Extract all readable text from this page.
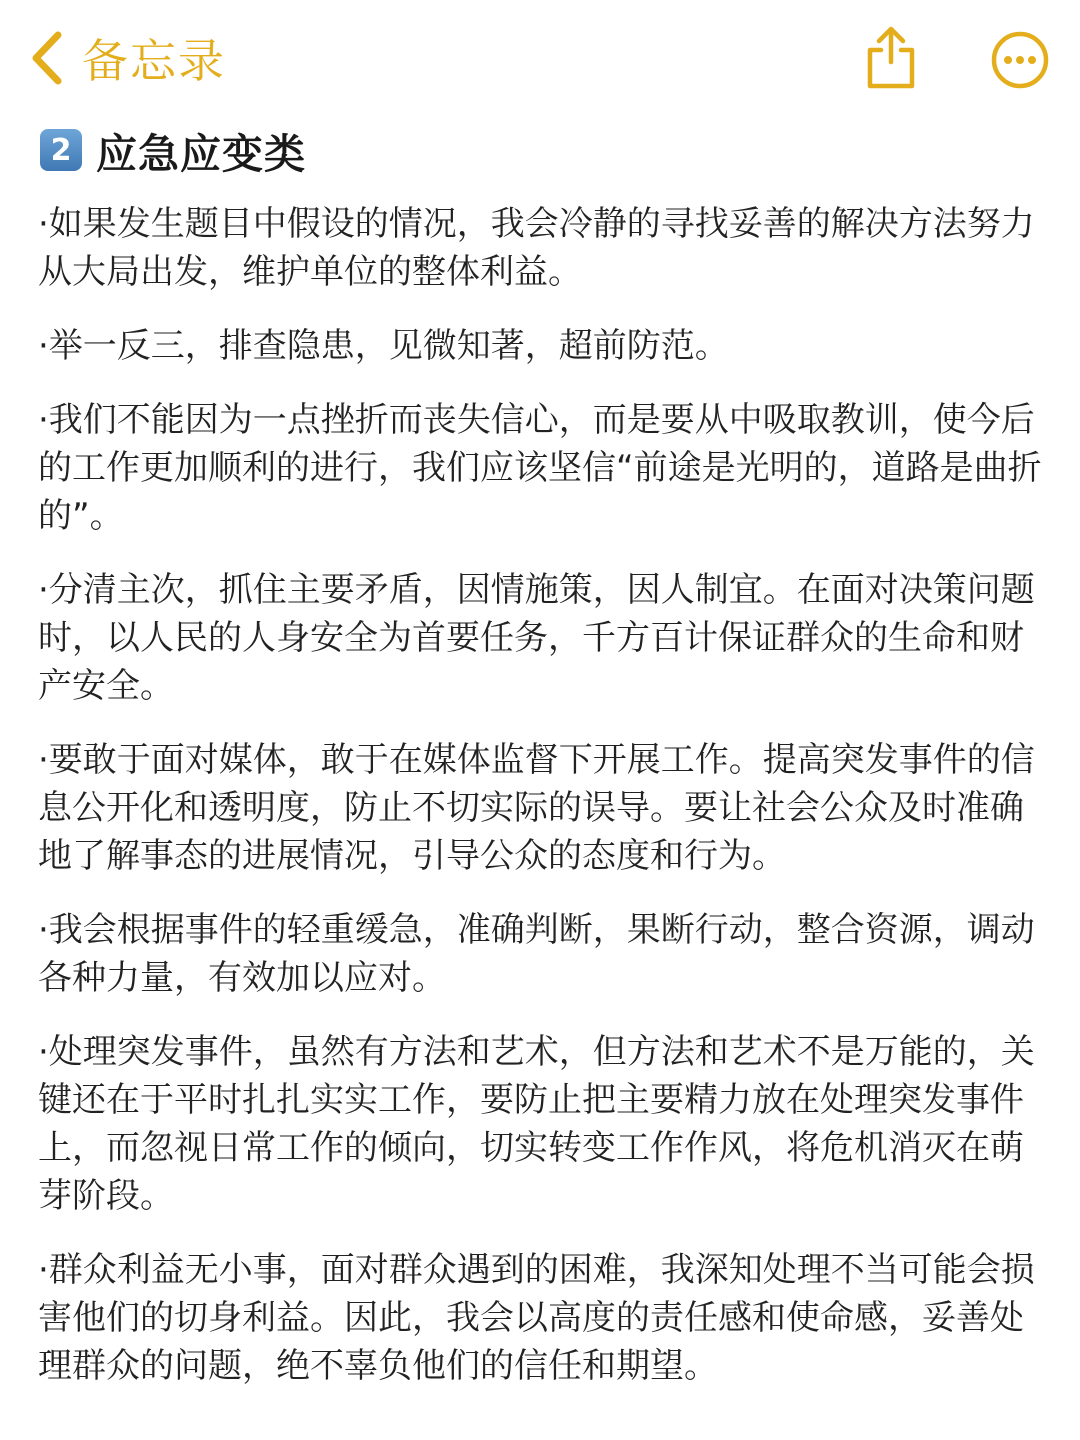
备忘录
2 应急应变类

·如果发生题目中假设的情况，我会冷静的寻找妥善的解决方法努力从大局出发，维护单位的整体利益。

·举一反三，排查隐患，见微知著，超前防范。

·我们不能因为一点挫折而丧失信心，而是要从中吸取教训，使今后的工作更加顺利的进行，我们应该坚信“前途是光明的，道路是曲折的”。

·分清主次，抓住主要矛盾，因情施策，因人制宜。在面对决策问题时，以人民的人身安全为首要任务，千方百计保证群众的生命和财产安全。

·要敢于面对媒体，敢于在媒体监督下开展工作。提高突发事件的信息公开化和透明度，防止不切实际的误导。要让社会公众及时准确地了解事态的进展情况，引导公众的态度和行为。

·我会根据事件的轻重缓急，准确判断，果断行动，整合资源，调动各种力量，有效加以应对。

·处理突发事件，虽然有方法和艺术，但方法和艺术不是万能的，关键还在于平时扎扎实实工作，要防止把主要精力放在处理突发事件上，而忽视日常工作的倾向，切实转变工作作风，将危机消灭在萌芽阶段。

·群众利益无小事，面对群众遇到的困难，我深知处理不当可能会损害他们的切身利益。因此，我会以高度的责任感和使命感，妥善处理群众的问题，绝不辜负他们的信任和期望。
